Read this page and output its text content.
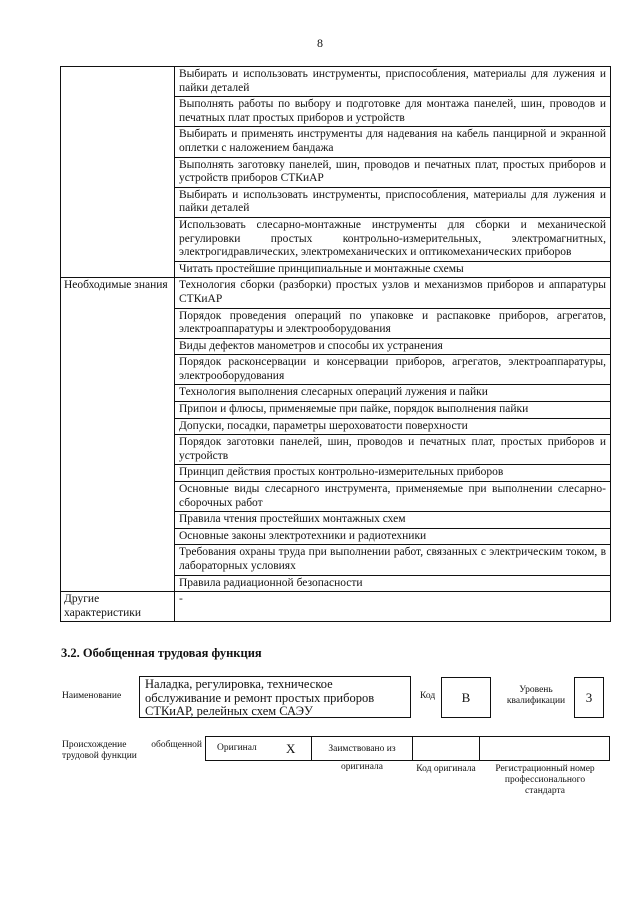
8
	Выбирать и использовать инструменты, приспособления, материалы для лужения и пайки деталей
	Выполнять работы по выбору и подготовке для монтажа панелей, шин, проводов и печатных плат простых приборов и устройств
	Выбирать и применять инструменты для надевания на кабель панцирной и экранной оплетки с наложением бандажа
	Выполнять заготовку панелей, шин, проводов и печатных плат, простых приборов и устройств приборов СТКиАР
	Выбирать и использовать инструменты, приспособления, материалы для лужения и пайки деталей
	Использовать слесарно-монтажные инструменты для сборки и механической регулировки простых контрольно-измерительных, электромагнитных, электрогидравлических, электромеханических и оптикомеханических приборов
	Читать простейшие принципиальные и монтажные схемы
Необходимые знания	Технология сборки (разборки) простых узлов и механизмов приборов и аппаратуры СТКиАР
	Порядок проведения операций по упаковке и распаковке приборов, агрегатов, электроаппаратуры и электрооборудования
	Виды дефектов манометров и способы их устранения
	Порядок расконсервации и консервации приборов, агрегатов, электроаппаратуры, электрооборудования
	Технология выполнения слесарных операций лужения и пайки
	Припои и флюсы, применяемые при пайке, порядок выполнения пайки
	Допуски, посадки, параметры шероховатости поверхности
	Порядок заготовки панелей, шин, проводов и печатных плат, простых приборов и устройств
	Принцип действия простых контрольно-измерительных приборов
	Основные виды слесарного инструмента, применяемые при выполнении слесарно-сборочных работ
	Правила чтения простейших монтажных схем
	Основные законы электротехники и радиотехники
	Требования охраны труда при выполнении работ, связанных с электрическим током, в лабораторных условиях
	Правила радиационной безопасности
Другие характеристики	-
3.2. Обобщенная трудовая функция
Наименование
Наладка, регулировка, техническое обслуживание и ремонт простых приборов СТКиАР, релейных схем САЭУ
Код	B	Уровень квалификации	3
Происхождение обобщенной трудовой функции
Оригинал X	Заимствовано из оригинала	Код оригинала	Регистрационный номер профессионального стандарта
